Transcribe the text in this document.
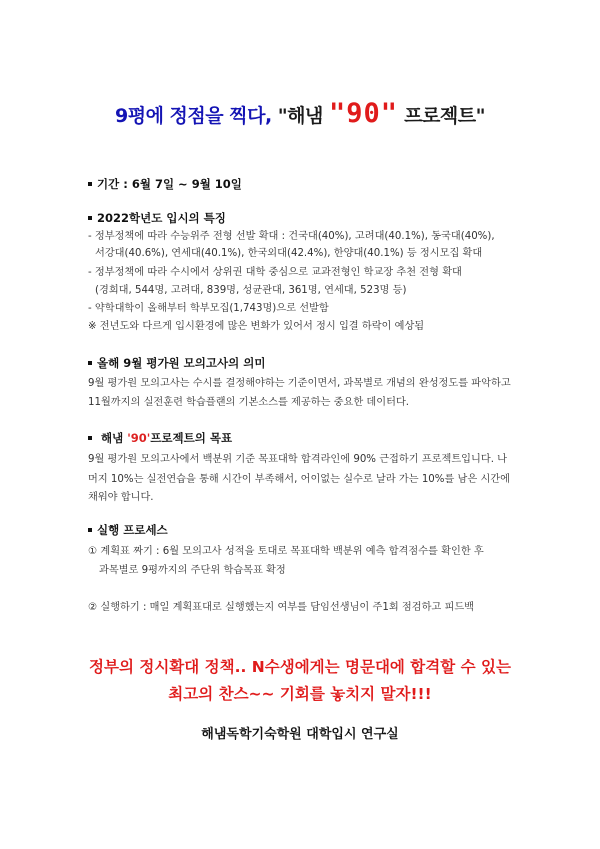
9평에 정점을 찍다, "해냄 "90" 프로젝트"
기간 : 6월 7일 ~ 9월 10일
2022학년도 입시의 특징
- 정부정책에 따라 수능위주 전형 선발 확대 : 건국대(40%), 고려대(40.1%), 동국대(40%),
서강대(40.6%), 연세대(40.1%), 한국외대(42.4%), 한양대(40.1%) 등 정시모집 확대
- 정부정책에 따라 수시에서 상위권 대학 중심으로 교과전형인 학교장 추천 전형 확대
(경희대, 544명, 고려대, 839명, 성균관대, 361명, 연세대, 523명 등)
- 약학대학이 올해부터 학부모집(1,743명)으로 선발함
※ 전년도와 다르게 입시환경에 많은 변화가 있어서 정시 입결 하락이 예상됨
올해 9월 평가원 모의고사의 의미
9월 평가원 모의고사는 수시를 결정해야하는 기준이면서, 과목별로 개념의 완성정도를 파악하고
11월까지의 실전훈련 학습플랜의 기본소스를 제공하는 중요한 데이터다.
해냄 '90'프로젝트의 목표
9월 평가원 모의고사에서 백분위 기준 목표대학 합격라인에 90% 근접하기 프로젝트입니다. 나
머지 10%는 실전연습을 통해 시간이 부족해서, 어이없는 실수로 날라 가는 10%를 남은 시간에
채워야 합니다.
실행 프로세스
① 계획표 짜기 : 6월 모의고사 성적을 토대로 목표대학 백분위 예측 합격점수를 확인한 후
과목별로 9평까지의 주단위 학습목표 확정
② 실행하기 : 매일 계획표대로 실행했는지 여부를 담임선생님이 주1회 점검하고 피드백
정부의 정시확대 정책.. N수생에게는 명문대에 합격할 수 있는
최고의 찬스~~ 기회를 놓치지 말자!!!
해냄독학기숙학원 대학입시 연구실
